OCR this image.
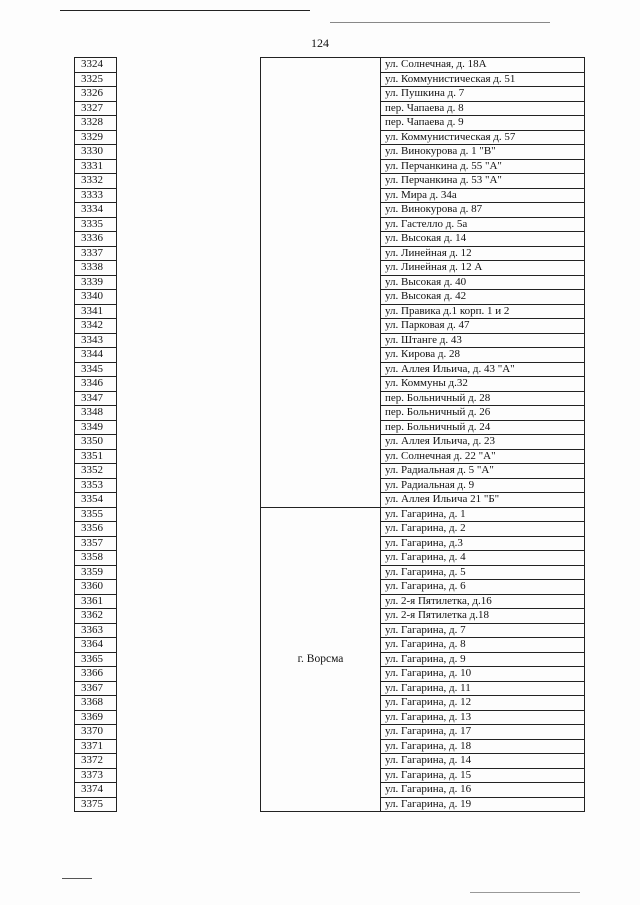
124
3324			ул. Солнечная, д. 18А
3325			ул. Коммунистическая д. 51
3326			ул. Пушкина д. 7
3327			пер. Чапаева д. 8
3328			пер. Чапаева д. 9
3329			ул. Коммунистическая д. 57
3330			ул. Винокурова д. 1 "В"
3331			ул. Перчанкина д. 55 "А"
3332			ул. Перчанкина д. 53 "А"
3333			ул. Мира д. 34а
3334			ул. Винокурова д. 87
3335			ул. Гастелло д. 5а
3336			ул. Высокая д. 14
3337			ул. Линейная д. 12
3338			ул. Линейная д. 12 А
3339			ул. Высокая д. 40
3340			ул. Высокая д. 42
3341			ул. Правика д.1 корп. 1 и 2
3342			ул. Парковая д. 47
3343			ул. Штанге д. 43
3344			ул. Кирова д. 28
3345			ул. Аллея Ильича, д. 43 "А"
3346			ул. Коммуны д.32
3347			пер. Больничный д. 28
3348			пер. Больничный д. 26
3349			пер. Больничный д. 24
3350			ул. Аллея Ильича, д. 23
3351			ул. Солнечная д. 22 "А"
3352			ул. Радиальная д. 5 "А"
3353			ул. Радиальная д. 9
3354			ул. Аллея Ильича 21 "Б"
3355		г. Ворсма	ул. Гагарина, д. 1
3356			ул. Гагарина, д. 2
3357			ул. Гагарина, д.3
3358			ул. Гагарина, д. 4
3359			ул. Гагарина, д. 5
3360			ул. Гагарина, д. 6
3361			ул. 2-я Пятилетка, д.16
3362			ул. 2-я Пятилетка д.18
3363			ул. Гагарина, д. 7
3364			ул. Гагарина, д. 8
3365			ул. Гагарина, д. 9
3366			ул. Гагарина, д. 10
3367			ул. Гагарина, д. 11
3368			ул. Гагарина, д. 12
3369			ул. Гагарина, д. 13
3370			ул. Гагарина, д. 17
3371			ул. Гагарина, д. 18
3372			ул. Гагарина, д. 14
3373			ул. Гагарина, д. 15
3374			ул. Гагарина, д. 16
3375			ул. Гагарина, д. 19
